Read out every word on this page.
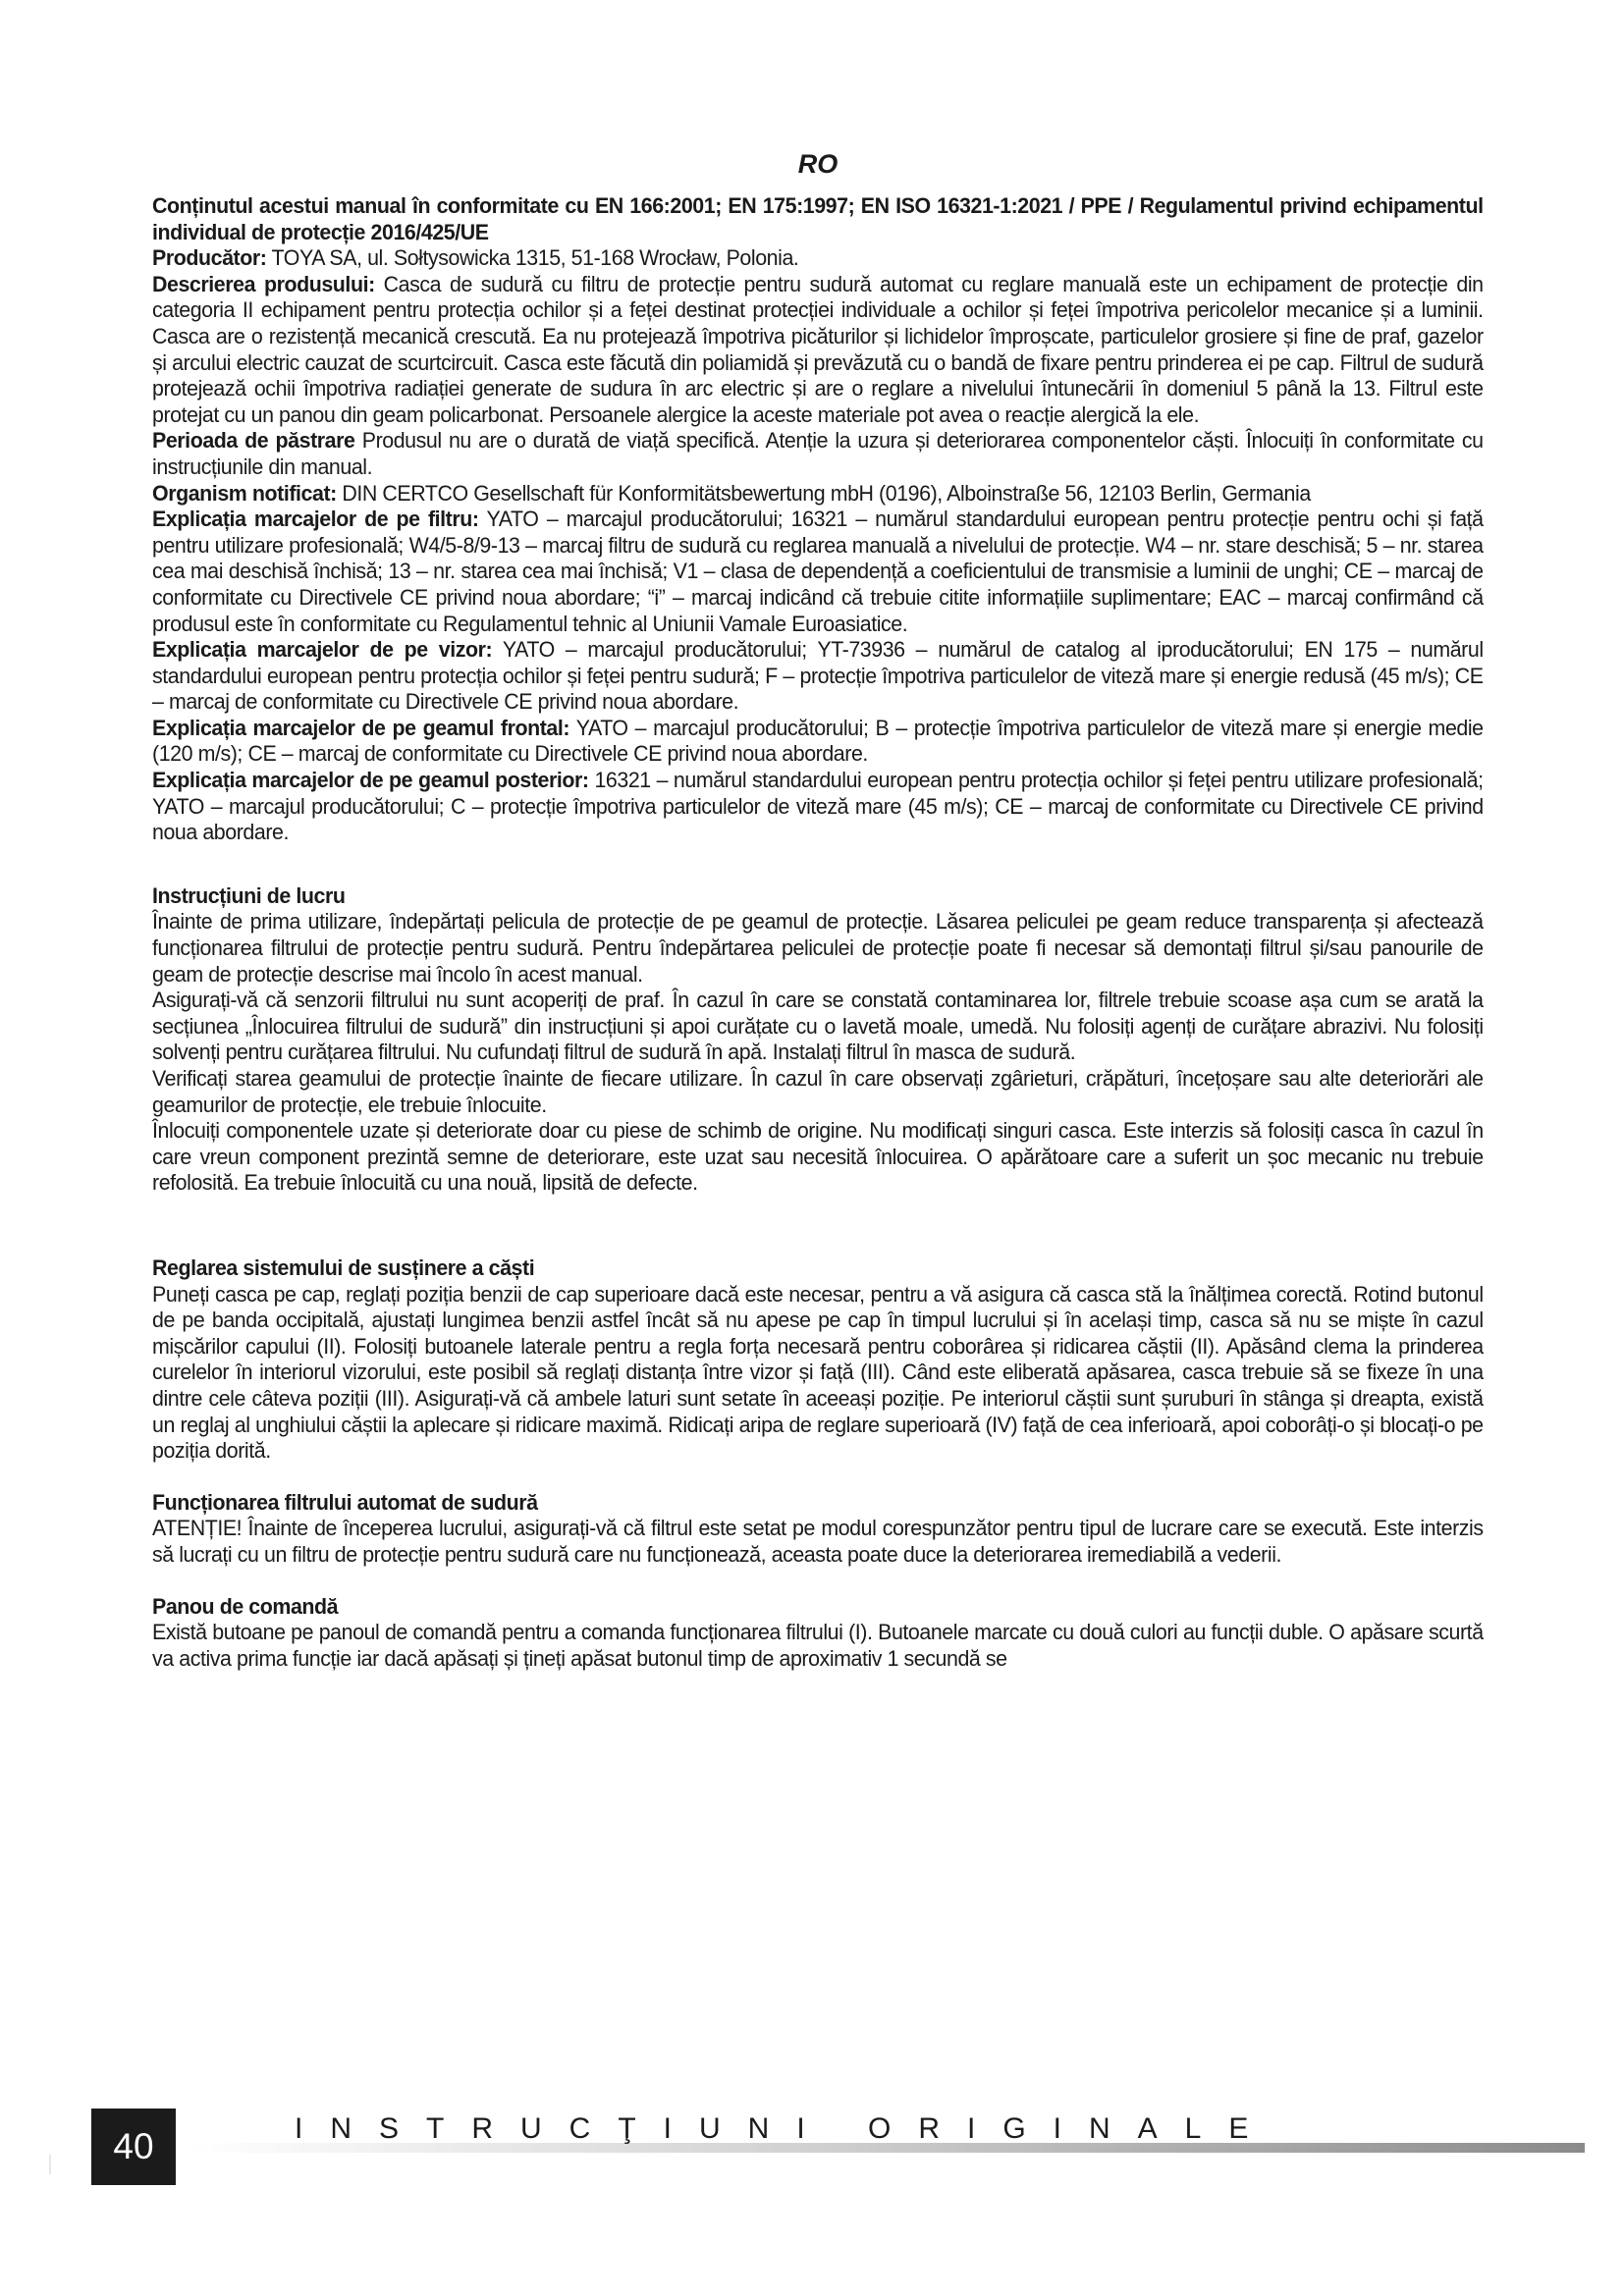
RO

Conținutul acestui manual în conformitate cu EN 166:2001; EN 175:1997; EN ISO 16321-1:2021 / PPE / Regulamentul privind echipamentul individual de protecție 2016/425/UE

Producător: TOYA SA, ul. Sołtysowicka 1315, 51-168 Wrocław, Polonia.

Descrierea produsului: Casca de sudură cu filtru de protecție pentru sudură automat cu reglare manuală este un echipament de protecție din categoria II echipament pentru protecția ochilor și a feței destinat protecției individuale a ochilor și feței împotriva pericolelor mecanice și a luminii. Casca are o rezistență mecanică crescută. Ea nu protejează împotriva picăturilor și lichidelor împroșcate, particulelor grosiere și fine de praf, gazelor și arcului electric cauzat de scurtcircuit. Casca este făcută din poliamidă și prevăzută cu o bandă de fixare pentru prinderea ei pe cap. Filtrul de sudură protejează ochii împotriva radiației generate de sudura în arc electric și are o reglare a nivelului întunecării în domeniul 5 până la 13. Filtrul este protejat cu un panou din geam policarbonat. Persoanele alergice la aceste materiale pot avea o reacție alergică la ele.

Perioada de păstrare Produsul nu are o durată de viață specifică. Atenție la uzura și deteriorarea componentelor căști. Înlocuiți în conformitate cu instrucțiunile din manual.

Organism notificat: DIN CERTCO Gesellschaft für Konformitätsbewertung mbH (0196), Alboinstraße 56, 12103 Berlin, Germania

Explicația marcajelor de pe filtru: YATO – marcajul producătorului; 16321 – numărul standardului european pentru protecție pentru ochi și față pentru utilizare profesională; W4/5-8/9-13 – marcaj filtru de sudură cu reglarea manuală a nivelului de protecție. W4 – nr. stare deschisă; 5 – nr. starea cea mai deschisă închisă; 13 – nr. starea cea mai închisă; V1 – clasa de dependență a coeficientului de transmisie a luminii de unghi; CE – marcaj de conformitate cu Directivele CE privind noua abordare; “i” – marcaj indicând că trebuie citite informațiile suplimentare; EAC – marcaj confirmând că produsul este în conformitate cu Regulamentul tehnic al Uniunii Vamale Euroasiatice.

Explicația marcajelor de pe vizor: YATO – marcajul producătorului; YT-73936 – numărul de catalog al iproducătorului; EN 175 – numărul standardului european pentru protecția ochilor și feței pentru sudură; F – protecție împotriva particulelor de viteză mare și energie redusă (45 m/s); CE – marcaj de conformitate cu Directivele CE privind noua abordare.

Explicația marcajelor de pe geamul frontal: YATO – marcajul producătorului; B – protecție împotriva particulelor de viteză mare și energie medie (120 m/s); CE – marcaj de conformitate cu Directivele CE privind noua abordare.

Explicația marcajelor de pe geamul posterior: 16321 – numărul standardului european pentru protecția ochilor și feței pentru utilizare profesională; YATO – marcajul producătorului; C – protecție împotriva particulelor de viteză mare (45 m/s); CE – marcaj de conformitate cu Directivele CE privind noua abordare.

Instrucțiuni de lucru

Înainte de prima utilizare, îndepărtați pelicula de protecție de pe geamul de protecție. Lăsarea peliculei pe geam reduce transparența și afectează funcționarea filtrului de protecție pentru sudură. Pentru îndepărtarea peliculei de protecție poate fi necesar să demontați filtrul și/sau panourile de geam de protecție descrise mai încolo în acest manual.

Asigurați-vă că senzorii filtrului nu sunt acoperiți de praf. În cazul în care se constată contaminarea lor, filtrele trebuie scoase așa cum se arată la secțiunea „Înlocuirea filtrului de sudură” din instrucțiuni și apoi curățate cu o lavetă moale, umedă. Nu folosiți agenți de curățare abrazivi. Nu folosiți solvenți pentru curățarea filtrului. Nu cufundați filtrul de sudură în apă. Instalați filtrul în masca de sudură.

Verificați starea geamului de protecție înainte de fiecare utilizare. În cazul în care observați zgârieturi, crăpături, încețoșare sau alte deteriorări ale geamurilor de protecție, ele trebuie înlocuite.

Înlocuiți componentele uzate și deteriorate doar cu piese de schimb de origine. Nu modificați singuri casca. Este interzis să folosiți casca în cazul în care vreun component prezintă semne de deteriorare, este uzat sau necesită înlocuirea. O apărătoare care a suferit un șoc mecanic nu trebuie refolosită. Ea trebuie înlocuită cu una nouă, lipsită de defecte.

Reglarea sistemului de susținere a căști

Puneți casca pe cap, reglați poziția benzii de cap superioare dacă este necesar, pentru a vă asigura că casca stă la înălțimea corectă. Rotind butonul de pe banda occipitală, ajustați lungimea benzii astfel încât să nu apese pe cap în timpul lucrului și în același timp, casca să nu se miște în cazul mișcărilor capului (II). Folosiți butoanele laterale pentru a regla forța necesară pentru coborârea și ridicarea căștii (II). Apăsând clema la prinderea curelelor în interiorul vizorului, este posibil să reglați distanța între vizor și față (III). Când este eliberată apăsarea, casca trebuie să se fixeze în una dintre cele câteva poziții (III). Asigurați-vă că ambele laturi sunt setate în aceeași poziție. Pe interiorul căștii sunt șuruburi în stânga și dreapta, există un reglaj al unghiului căștii la aplecare și ridicare maximă. Ridicați aripa de reglare superioară (IV) față de cea inferioară, apoi coborâți-o și blocați-o pe poziția dorită.

Funcționarea filtrului automat de sudură

ATENȚIE! Înainte de începerea lucrului, asigurați-vă că filtrul este setat pe modul corespunzător pentru tipul de lucrare care se execută. Este interzis să lucrați cu un filtru de protecție pentru sudură care nu funcționează, aceasta poate duce la deteriorarea iremediabilă a vederii.

Panou de comandă

Există butoane pe panoul de comandă pentru a comanda funcționarea filtrului (I). Butoanele marcate cu două culori au funcții duble. O apăsare scurtă va activa prima funcție iar dacă apăsați și țineți apăsat butonul timp de aproximativ 1 secundă se

40	INSTRUCŢIUNI ORIGINALE
